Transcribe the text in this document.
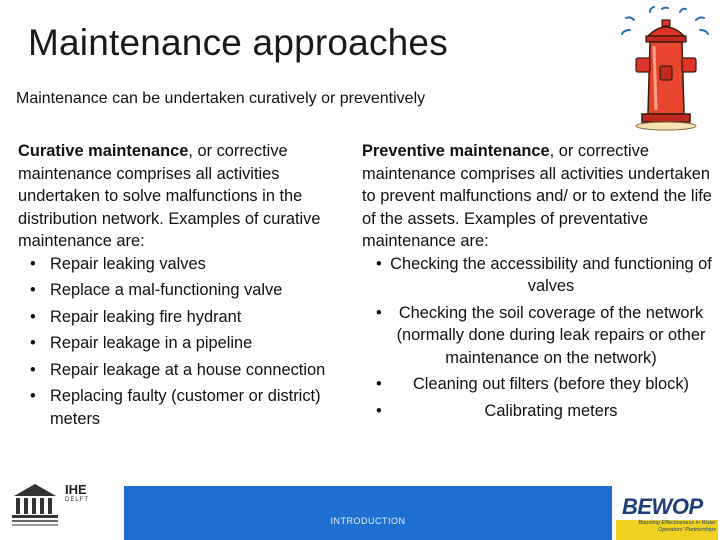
Maintenance approaches
Maintenance can be undertaken curatively or preventively
Curative maintenance, or corrective maintenance comprises all activities undertaken to solve malfunctions in the distribution network. Examples of curative maintenance are:
• Repair leaking valves
• Replace a mal-functioning valve
• Repair leaking fire hydrant
• Repair leakage in a pipeline
• Repair leakage at a house connection
• Replacing faulty (customer or district) meters
Preventive maintenance, or corrective maintenance comprises all activities undertaken to prevent malfunctions and/ or to extend the life of the assets. Examples of preventative maintenance are:
• Checking the accessibility and functioning of valves
• Checking the soil coverage of the network (normally done during leak repairs or other maintenance on the network)
• Cleaning out filters (before they block)
•	Calibrating meters
IHE
DELFT
INTRODUCTION
BEWOP
Boosting Effectiveness in Water Operators' Partnerships
